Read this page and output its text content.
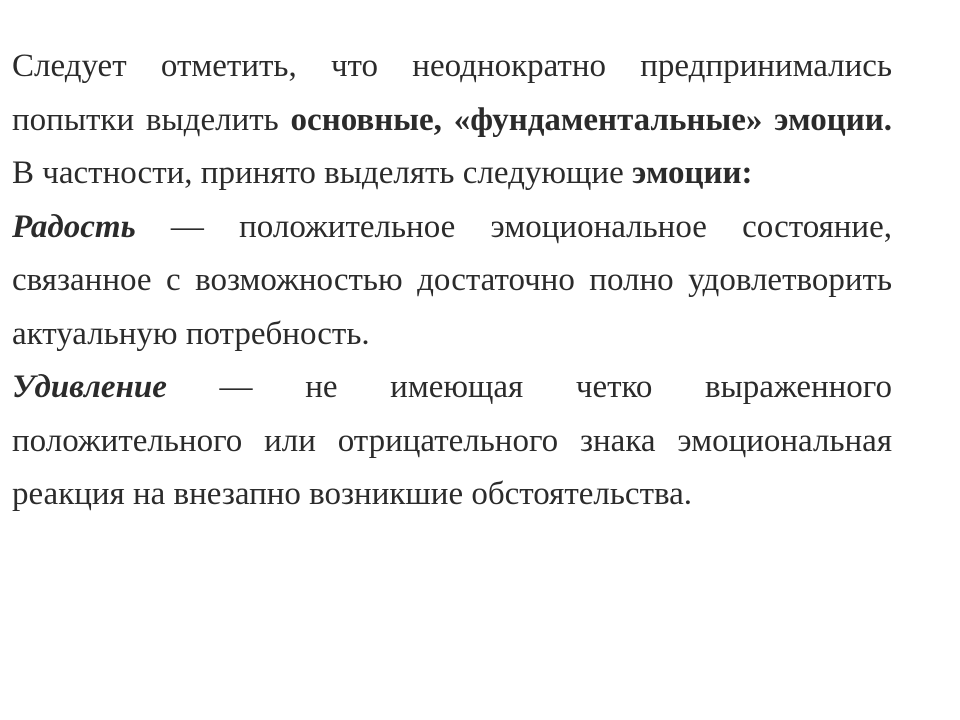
Следует отметить, что неоднократно предпринимались попытки выделить основные, «фундаментальные» эмоции. В частности, принято выделять следующие эмоции:

Радость — положительное эмоциональное состояние, связанное с возможностью достаточно полно удовлетворить актуальную потребность.

Удивление — не имеющая четко выраженного положительного или отрицательного знака эмоциональная реакция на внезапно возникшие обстоятельства.
